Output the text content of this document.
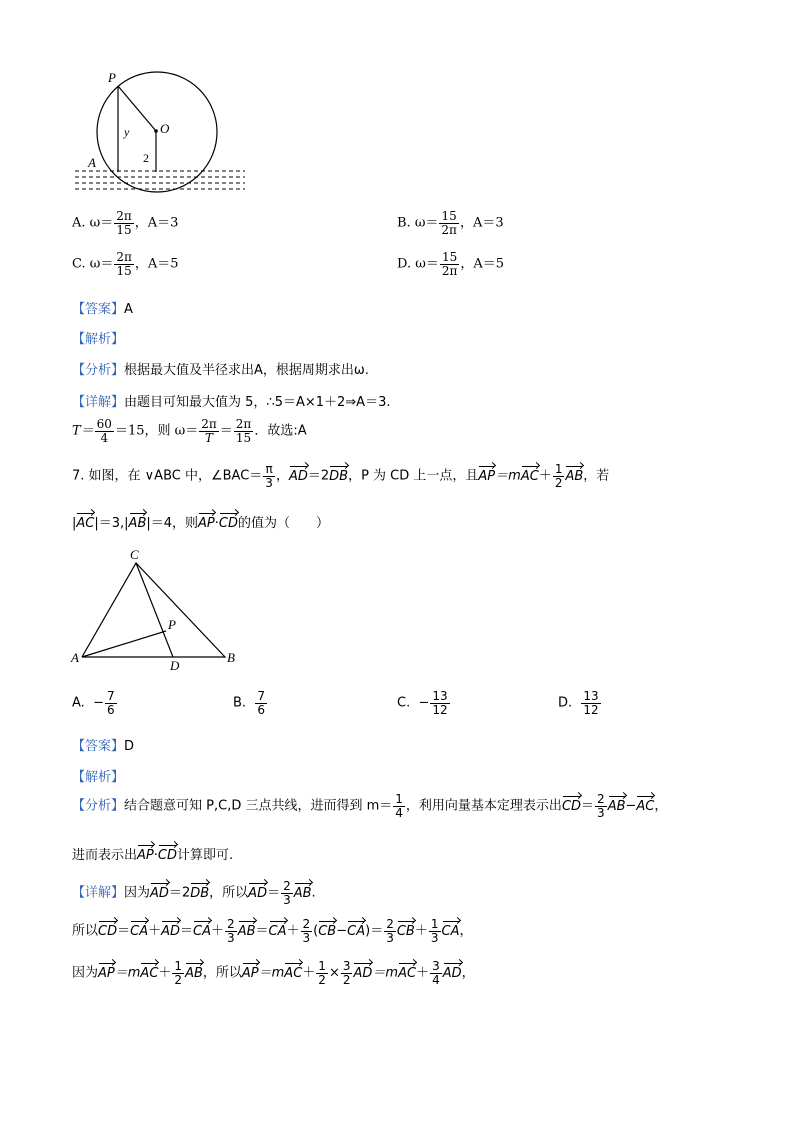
P
O
A
y
2
A. $\omega= \frac{2\pi}{15}$ ，A＝3	B. $\omega= \frac{15}{2\pi}$ ，A＝3
C. $\omega= \frac{2\pi}{15}$ ，A＝5	D. $\omega= \frac{15}{2\pi}$ ，A＝5
【答案】A
【解析】
【分析】根据最大值及半径求出A，根据周期求出ω.
【详解】由题目可知最大值为 5，∴5＝A×1＋2⇒A＝3.
$T= \frac{60}{4} =15$，则 $\omega= \frac{2\pi}{T} = \frac{2\pi}{15}$ ．故选:A
7. 如图，在 ∨ABC 中，∠BAC＝ $\frac{\pi}{3}$ ，AD＝2DB，P 为 CD 上一点，且$AP=mAC+ \frac{1}{2}$ AB，若
|AC|＝3,|AB|＝4，则AP·CD的值为（　　）
C
P
A
D
B
A. − $\frac{7}{6}$	B. $\frac{7}{6}$	C. − $\frac{13}{12}$	D. $\frac{13}{12}$
【答案】D
【解析】
【分析】结合题意可知 P,C,D 三点共线，进而得到 $m= \frac{1}{4}$ ，利用向量基本定理表示出$CD= \frac{2}{3} AB-AC$，
进而表示出AP·CD计算即可.
【详解】因为AD＝2DB，所以$AD= \frac{2}{3}$ AB.
所以$CD=CA+AD=CA+ \frac{2}{3} AB=CA+ \frac{2}{3} (CB-CA)= \frac{2}{3} CB+ \frac{1}{3}$ CA，
因为$AP=mAC+ \frac{1}{2}$ AB，所以$AP=mAC+ \frac{1}{2} \times \frac{3}{2} AD=mAC+ \frac{3}{4}$ AD，
